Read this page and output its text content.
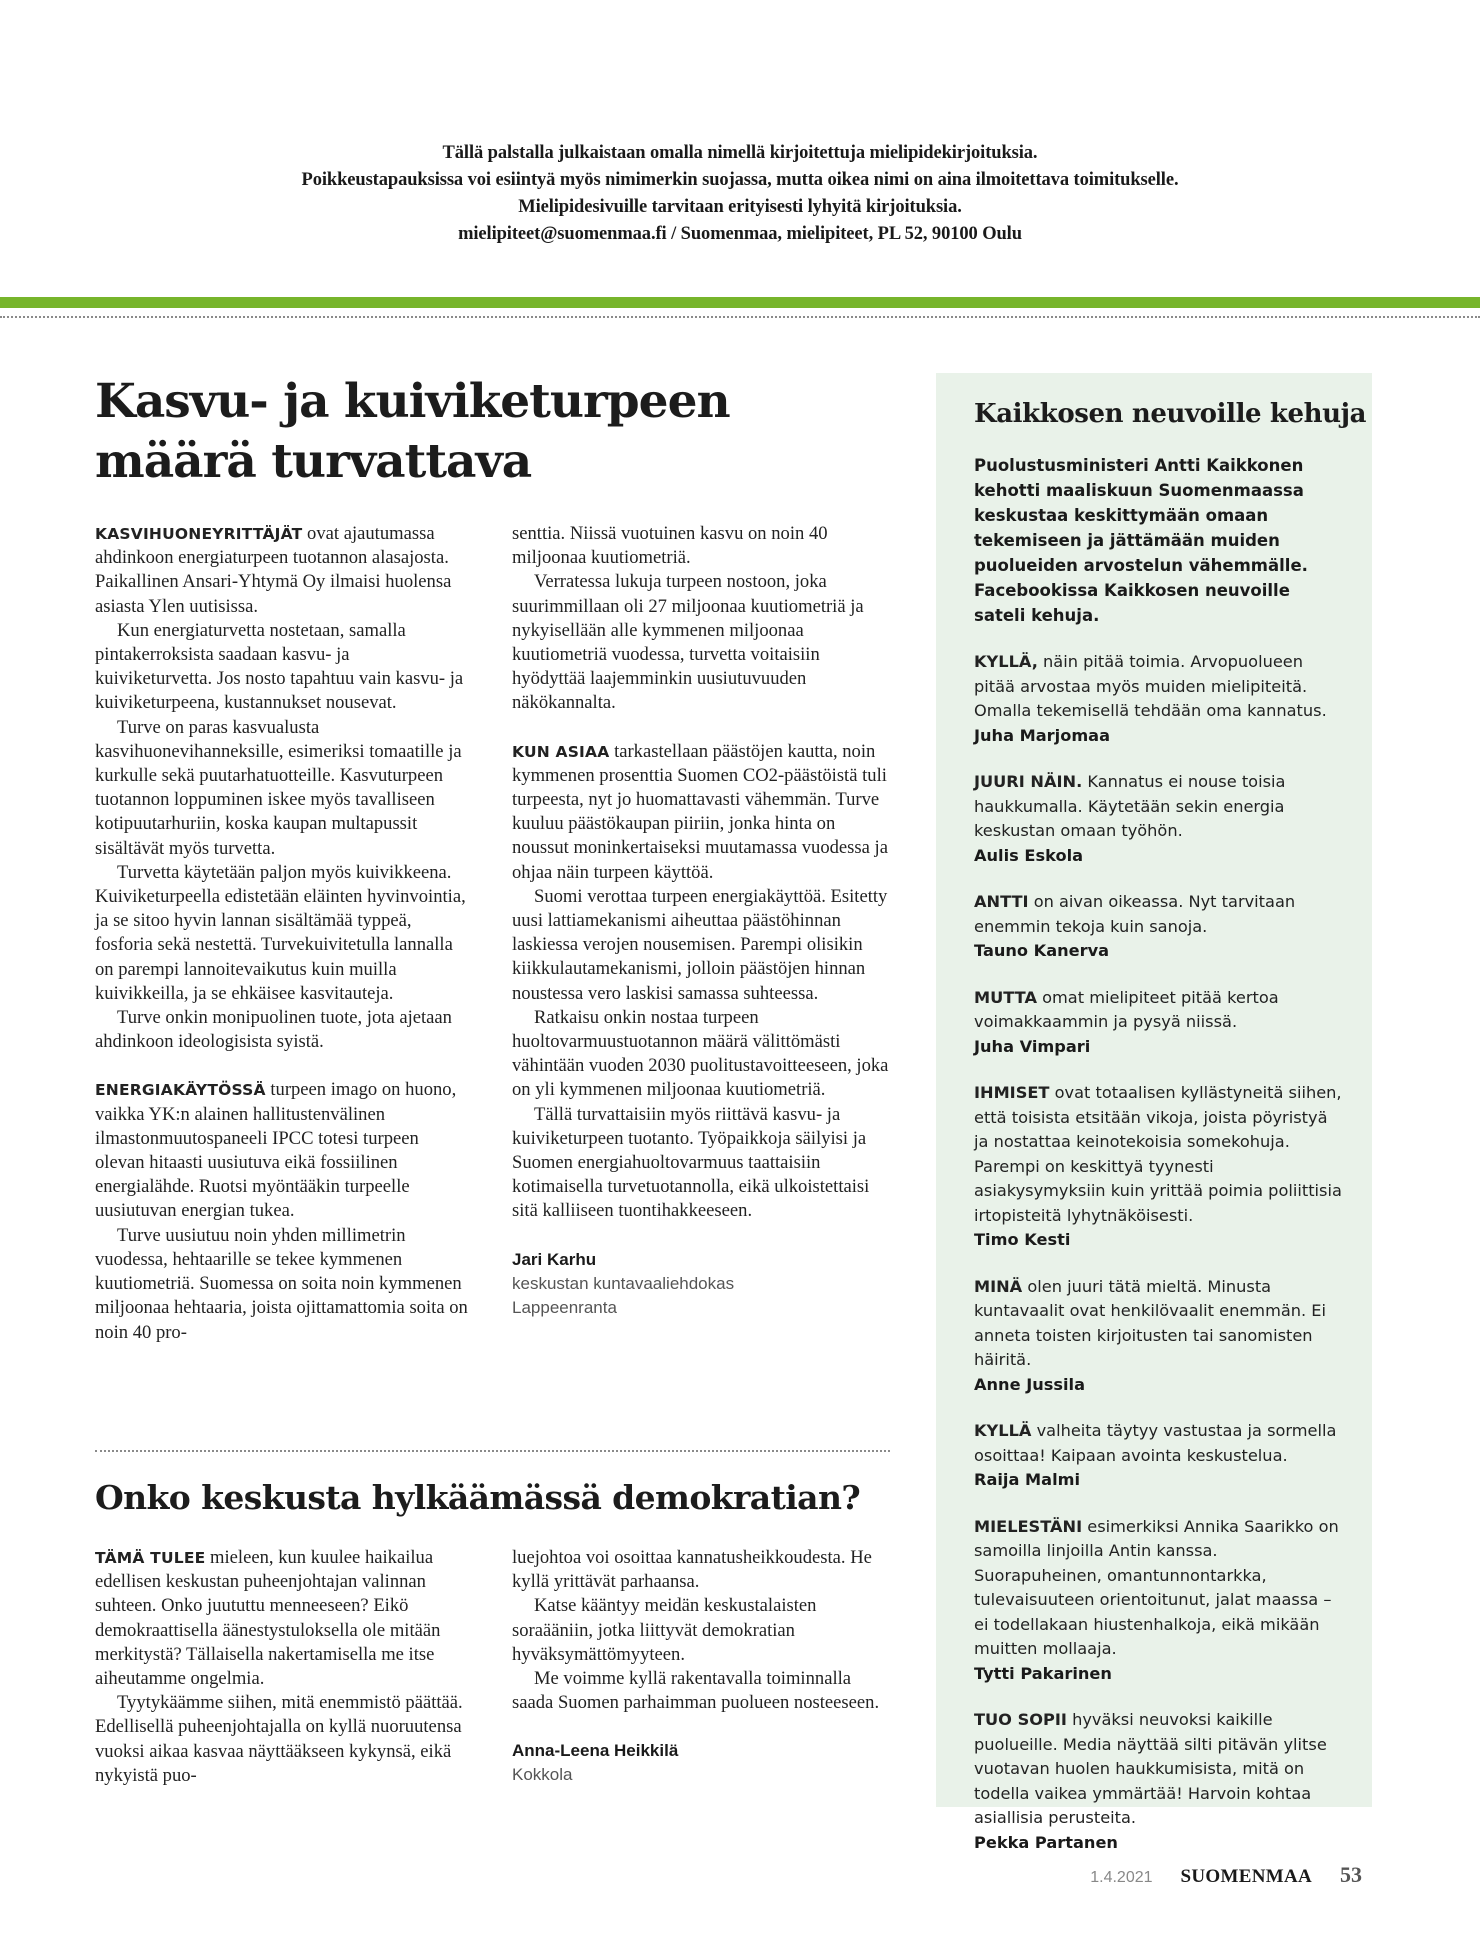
Tällä palstalla julkaistaan omalla nimellä kirjoitettuja mielipidekirjoituksia.
Poikkeustapauksissa voi esiintyä myös nimimerkin suojassa, mutta oikea nimi on aina ilmoitettava toimitukselle.
Mielipidesivuille tarvitaan erityisesti lyhyitä kirjoituksia.
mielipiteet@suomenmaa.fi / Suomenmaa, mielipiteet, PL 52, 90100 Oulu
Kasvu- ja kuiviketurpeen
määrä turvattava

KASVIHUONEYRITTÄJÄT ovat ajautumassa ahdinkoon energiaturpeen tuotannon alasajosta. Paikallinen Ansari-Yhtymä Oy ilmaisi huolensa asiasta Ylen uutisissa.

Kun energiaturvetta nostetaan, samalla pintakerroksista saadaan kasvu- ja kuiviketurvetta. Jos nosto tapahtuu vain kasvu- ja kuiviketurpeena, kustannukset nousevat.

Turve on paras kasvualusta kasvihuonevihanneksille, esimeriksi tomaatille ja kurkulle sekä puutarhatuotteille. Kasvuturpeen tuotannon loppuminen iskee myös tavalliseen kotipuutarhuriin, koska kaupan multapussit sisältävät myös turvetta.

Turvetta käytetään paljon myös kuivikkeena. Kuiviketurpeella edistetään eläinten hyvinvointia, ja se sitoo hyvin lannan sisältämää typpeä, fosforia sekä nestettä. Turvekuivitetulla lannalla on parempi lannoitevaikutus kuin muilla kuivikkeilla, ja se ehkäisee kasvitauteja.

Turve onkin monipuolinen tuote, jota ajetaan ahdinkoon ideologisista syistä.

ENERGIAKÄYTÖSSÄ turpeen imago on huono, vaikka YK:n alainen hallitustenvälinen ilmastonmuutospaneeli IPCC totesi turpeen olevan hitaasti uusiutuva eikä fossiilinen energialähde. Ruotsi myöntääkin turpeelle uusiutuvan energian tukea.

Turve uusiutuu noin yhden millimetrin vuodessa, hehtaarille se tekee kymmenen kuutiometriä. Suomessa on soita noin kymmenen miljoonaa hehtaaria, joista ojittamattomia soita on noin 40 pro-

senttia. Niissä vuotuinen kasvu on noin 40 miljoonaa kuutiometriä.

Verratessa lukuja turpeen nostoon, joka suurimmillaan oli 27 miljoonaa kuutiometriä ja nykyisellään alle kymmenen miljoonaa kuutiometriä vuodessa, turvetta voitaisiin hyödyttää laajemminkin uusiutuvuuden näkökannalta.

KUN ASIAA tarkastellaan päästöjen kautta, noin kymmenen prosenttia Suomen CO2-päästöistä tuli turpeesta, nyt jo huomattavasti vähemmän. Turve kuuluu päästökaupan piiriin, jonka hinta on noussut moninkertaiseksi muutamassa vuodessa ja ohjaa näin turpeen käyttöä.

Suomi verottaa turpeen energiakäyttöä. Esitetty uusi lattiamekanismi aiheuttaa päästöhinnan laskiessa verojen nousemisen. Parempi olisikin kiikkulautamekanismi, jolloin päästöjen hinnan noustessa vero laskisi samassa suhteessa.

Ratkaisu onkin nostaa turpeen huoltovarmuustuotannon määrä välittömästi vähintään vuoden 2030 puolitustavoitteeseen, joka on yli kymmenen miljoonaa kuutiometriä.

Tällä turvattaisiin myös riittävä kasvu- ja kuiviketurpeen tuotanto. Työpaikkoja säilyisi ja Suomen energiahuoltovarmuus taattaisiin kotimaisella turvetuotannolla, eikä ulkoistettaisi sitä kalliiseen tuontihakkeeseen.

Jari Karhu
keskustan kuntavaaliehdokas
Lappeenranta
Onko keskusta hylkäämässä demokratian?

TÄMÄ TULEE mieleen, kun kuulee haikailua edellisen keskustan puheenjohtajan valinnan suhteen. Onko juututtu menneeseen? Eikö demokraattisella äänestystuloksella ole mitään merkitystä? Tällaisella nakertamisella me itse aiheutamme ongelmia.

Tyytykäämme siihen, mitä enemmistö päättää. Edellisellä puheenjohtajalla on kyllä nuoruutensa vuoksi aikaa kasvaa näyttääkseen kykynsä, eikä nykyistä puo-

luejohtoa voi osoittaa kannatusheikkoudesta. He kyllä yrittävät parhaansa.

Katse kääntyy meidän keskustalaisten soraääniin, jotka liittyvät demokratian hyväksymättömyyteen.

Me voimme kyllä rakentavalla toiminnalla saada Suomen parhaimman puolueen nosteeseen.

Anna-Leena Heikkilä
Kokkola
Kaikkosen neuvoille kehuja
Puolustusministeri Antti Kaikkonen kehotti maaliskuun Suomenmaassa keskustaa keskittymään omaan tekemiseen ja jättämään muiden puolueiden arvostelun vähemmälle. Facebookissa Kaikkosen neuvoille sateli kehuja.
KYLLÄ, näin pitää toimia. Arvopuolueen pitää arvostaa myös muiden mielipiteitä. Omalla tekemisellä tehdään oma kannatus.
Juha Marjomaa
JUURI NÄIN. Kannatus ei nouse toisia haukkumalla. Käytetään sekin energia keskustan omaan työhön.
Aulis Eskola
ANTTI on aivan oikeassa. Nyt tarvitaan enemmin tekoja kuin sanoja.
Tauno Kanerva
MUTTA omat mielipiteet pitää kertoa voimakkaammin ja pysyä niissä.
Juha Vimpari
IHMISET ovat totaalisen kyllästyneitä siihen, että toisista etsitään vikoja, joista pöyristyä ja nostattaa keinotekoisia somekohuja. Parempi on keskittyä tyynesti asiakysymyksiin kuin yrittää poimia poliittisia irtopisteitä lyhytnäköisesti.
Timo Kesti
MINÄ olen juuri tätä mieltä. Minusta kuntavaalit ovat henkilövaalit enemmän. Ei anneta toisten kirjoitusten tai sanomisten häiritä.
Anne Jussila
KYLLÄ valheita täytyy vastustaa ja sormella osoittaa! Kaipaan avointa keskustelua.
Raija Malmi
MIELESTÄNI esimerkiksi Annika Saarikko on samoilla linjoilla Antin kanssa. Suorapuheinen, omantunnontarkka, tulevaisuuteen orientoitunut, jalat maassa – ei todellakaan hiustenhalkoja, eikä mikään muitten mollaaja.
Tytti Pakarinen
TUO SOPII hyväksi neuvoksi kaikille puolueille. Media näyttää silti pitävän ylitse vuotavan huolen haukkumisista, mitä on todella vaikea ymmärtää! Harvoin kohtaa asiallisia perusteita.
Pekka Partanen
1.4.2021 SUOMENMAA 53
